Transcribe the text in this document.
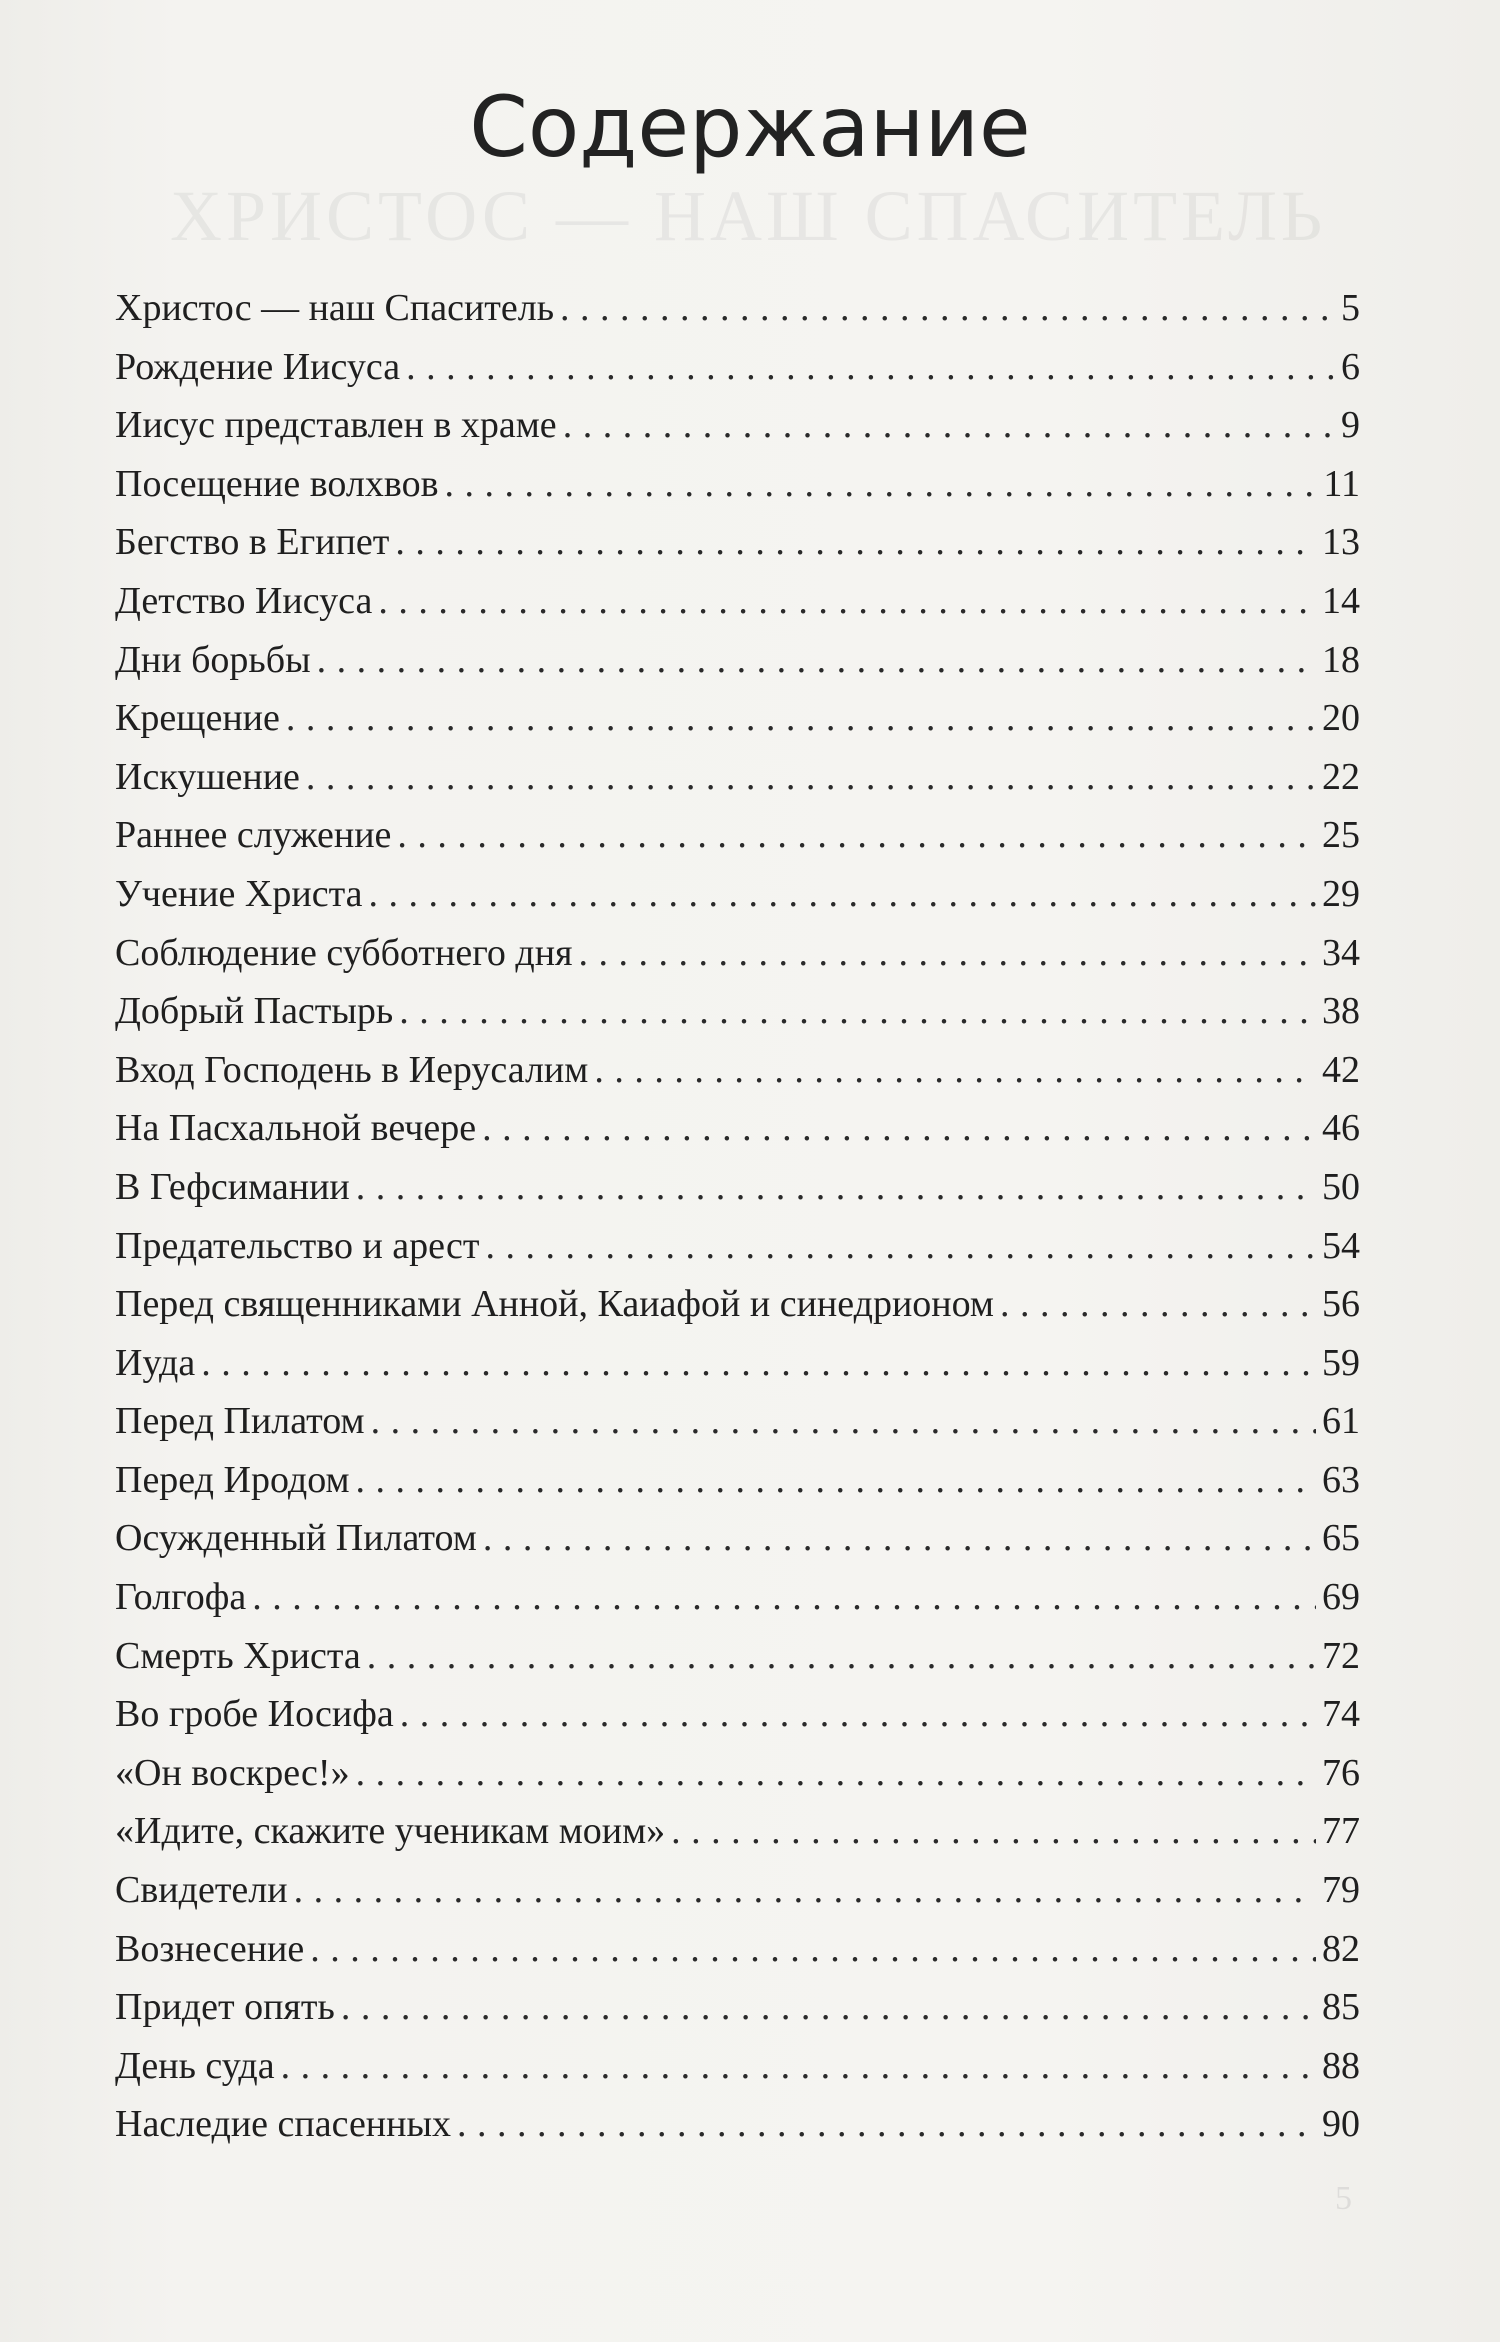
ХРИСТОС — НАШ СПАСИТЕЛЬ
5
Содержание
Христос — наш Спаситель . . .	5
Рождение Иисуса . . .	6
Иисус представлен в храме . . .	9
Посещение волхвов . . .	11
Бегство в Египет . . .	13
Детство Иисуса . . .	14
Дни борьбы . . .	18
Крещение . . .	20
Искушение . . .	22
Раннее служение . . .	25
Учение Христа . . .	29
Соблюдение субботнего дня . . .	34
Добрый Пастырь . . .	38
Вход Господень в Иерусалим . . .	42
На Пасхальной вечере . . .	46
В Гефсимании . . .	50
Предательство и арест . . .	54
Перед священниками Анной, Каиафой и синедрионом . . .	56
Иуда . . .	59
Перед Пилатом . . .	61
Перед Иродом . . .	63
Осужденный Пилатом . . .	65
Голгофа . . .	69
Смерть Христа . . .	72
Во гробе Иосифа . . .	74
«Он воскрес!» . . .	76
«Идите, скажите ученикам моим» . . .	77
Свидетели . . .	79
Вознесение . . .	82
Придет опять . . .	85
День суда . . .	88
Наследие спасенных . . .	90
